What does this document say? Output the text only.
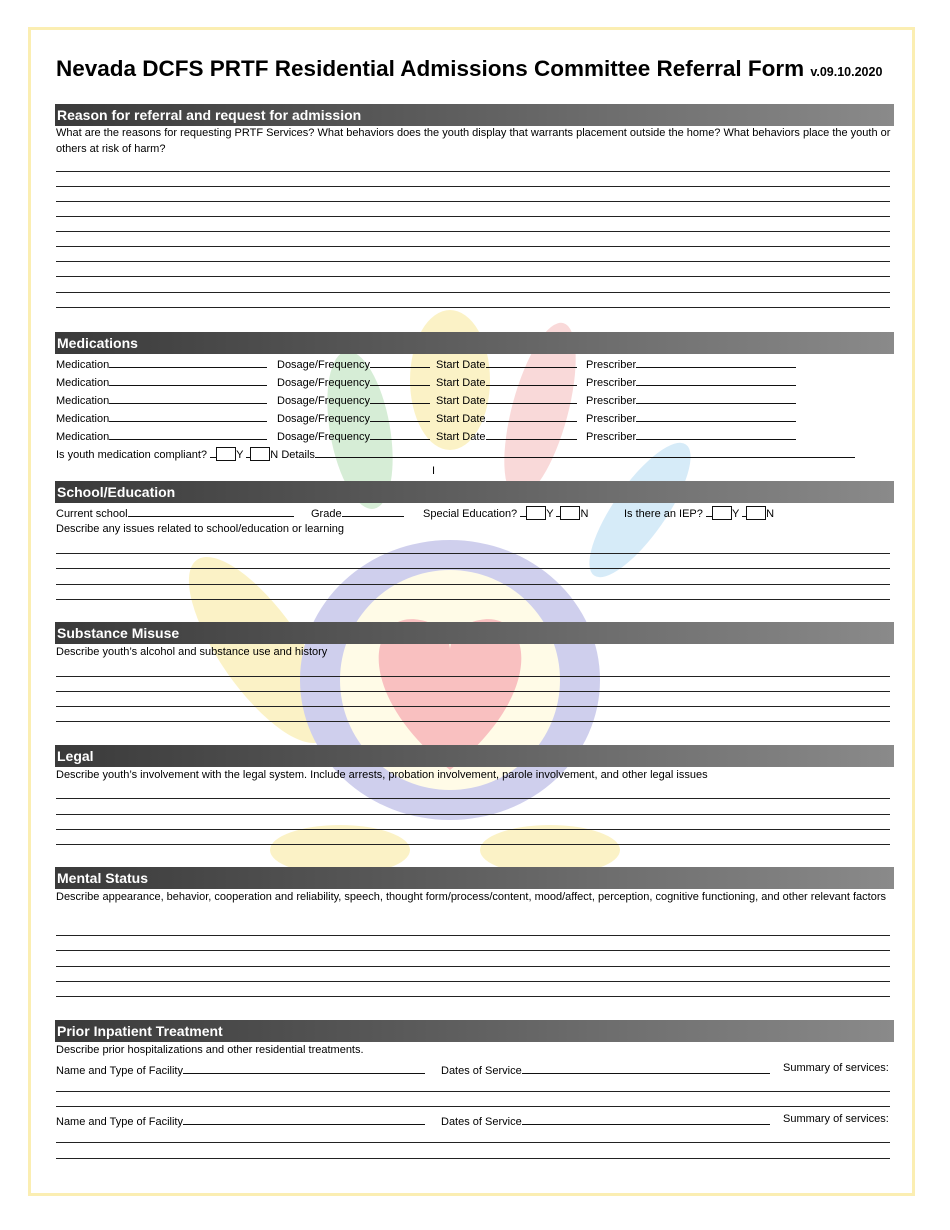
Nevada DCFS PRTF Residential Admissions Committee Referral Form v.09.10.2020
Reason for referral and request for admission
What are the reasons for requesting PRTF Services? What behaviors does the youth display that warrants placement outside the home? What behaviors place the youth or others at risk of harm?
Medications
Medication	Dosage/Frequency	Start Date	Prescriber
Medication	Dosage/Frequency	Start Date	Prescriber
Medication	Dosage/Frequency	Start Date	Prescriber
Medication	Dosage/Frequency	Start Date	Prescriber
Medication	Dosage/Frequency	Start Date	Prescriber
Is youth medication compliant?	Y N Details
I
School/Education
Current school	Grade	Special Education?	Y N	Is there an IEP?	Y N
Describe any issues related to school/education or learning
Substance Misuse
Describe youth’s alcohol and substance use and history
Legal
Describe youth’s involvement with the legal system. Include arrests, probation involvement, parole involvement, and other legal issues
Mental Status
Describe appearance, behavior, cooperation and reliability, speech, thought form/process/content, mood/affect, perception, cognitive functioning, and other relevant factors
Prior Inpatient Treatment
Describe prior hospitalizations and other residential treatments.
Name and Type of Facility	Dates of Service	Summary of services:
Name and Type of Facility	Dates of Service	Summary of services:
